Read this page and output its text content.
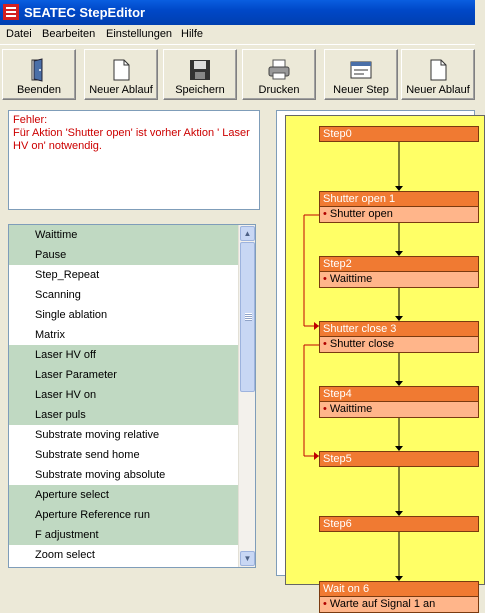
SEATEC StepEditor
Datei Bearbeiten Einstellungen Hilfe
Beenden	Neuer Ablauf	Speichern	Drucken	Neuer Step	Neuer Ablauf
Fehler:
Für Aktion 'Shutter open' ist vorher Aktion ' Laser HV on' notwendig.
Waittime
Pause
Step_Repeat
Scanning
Single ablation
Matrix
Laser HV off
Laser Parameter
Laser HV on
Laser puls
Substrate moving relative
Substrate send home
Substrate moving absolute
Aperture select
Aperture Reference run
F adjustment
Zoom select
▲
▼
Step0
Shutter open 1
• Shutter open
Step2
• Waittime
Shutter close 3
• Shutter close
Step4
• Waittime
Step5
Step6
Wait on 6
• Warte auf Signal 1 an
